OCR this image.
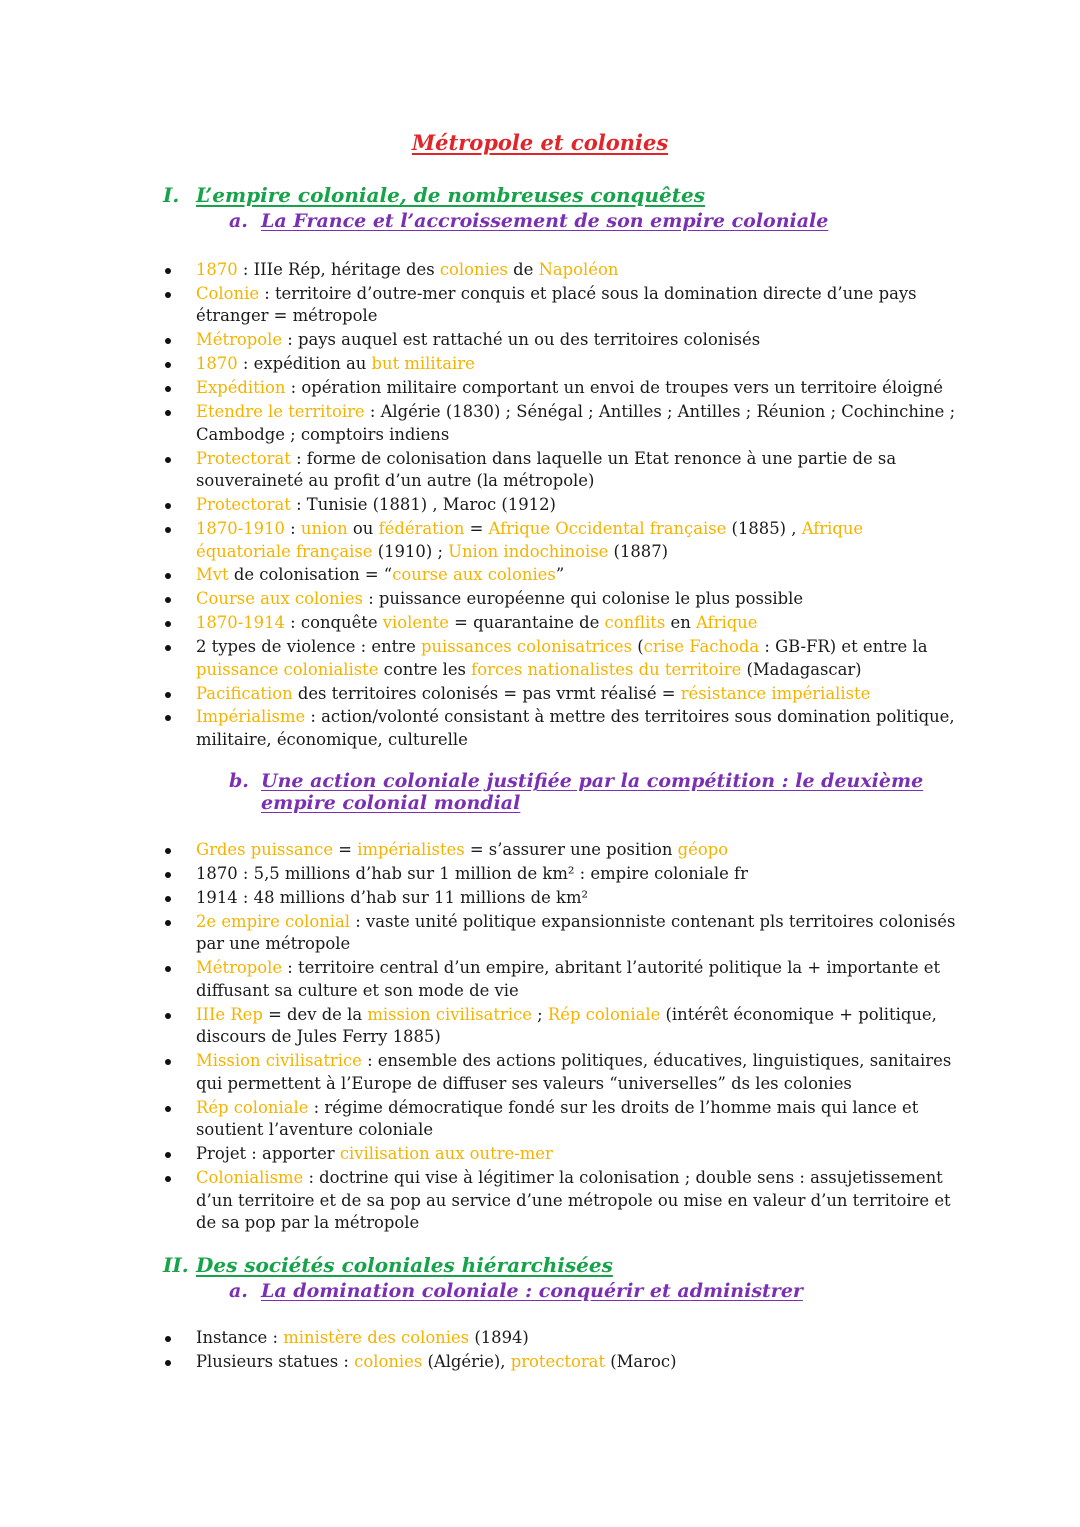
Métropole et colonies
I. L’empire coloniale, de nombreuses conquêtes
a. La France et l’accroissement de son empire coloniale
1870 : IIIe Rép, héritage des colonies de Napoléon
Colonie : territoire d’outre-mer conquis et placé sous la domination directe d’une pays étranger = métropole
Métropole : pays auquel est rattaché un ou des territoires colonisés
1870 : expédition au but militaire
Expédition : opération militaire comportant un envoi de troupes vers un territoire éloigné
Etendre le territoire : Algérie (1830) ; Sénégal ; Antilles ; Antilles ; Réunion ; Cochinchine ; Cambodge ; comptoirs indiens
Protectorat : forme de colonisation dans laquelle un Etat renonce à une partie de sa souveraineté au profit d’un autre (la métropole)
Protectorat : Tunisie (1881) , Maroc (1912)
1870-1910 : union ou fédération = Afrique Occidental française (1885) , Afrique équatoriale française (1910) ; Union indochinoise (1887)
Mvt de colonisation = “course aux colonies”
Course aux colonies : puissance européenne qui colonise le plus possible
1870-1914 : conquête violente = quarantaine de conflits en Afrique
2 types de violence : entre puissances colonisatrices (crise Fachoda : GB-FR) et entre la puissance colonialiste contre les forces nationalistes du territoire (Madagascar)
Pacification des territoires colonisés = pas vrmt réalisé = résistance impérialiste
Impérialisme : action/volonté consistant à mettre des territoires sous domination politique, militaire, économique, culturelle
b. Une action coloniale justifiée par la compétition : le deuxième empire colonial mondial
Grdes puissance = impérialistes = s’assurer une position géopo
1870 : 5,5 millions d’hab sur 1 million de km² : empire coloniale fr
1914 : 48 millions d’hab sur 11 millions de km²
2e empire colonial : vaste unité politique expansionniste contenant pls territoires colonisés par une métropole
Métropole : territoire central d’un empire, abritant l’autorité politique la + importante et diffusant sa culture et son mode de vie
IIIe Rep = dev de la mission civilisatrice ; Rép coloniale (intérêt économique + politique, discours de Jules Ferry 1885)
Mission civilisatrice : ensemble des actions politiques, éducatives, linguistiques, sanitaires qui permettent à l’Europe de diffuser ses valeurs “universelles” ds les colonies
Rép coloniale : régime démocratique fondé sur les droits de l’homme mais qui lance et soutient l’aventure coloniale
Projet : apporter civilisation aux outre-mer
Colonialisme : doctrine qui vise à légitimer la colonisation ; double sens : assujetissement d’un territoire et de sa pop au service d’une métropole ou mise en valeur d’un territoire et de sa pop par la métropole
II. Des sociétés coloniales hiérarchisées
a. La domination coloniale : conquérir et administrer
Instance : ministère des colonies (1894)
Plusieurs statues : colonies (Algérie), protectorat (Maroc)
